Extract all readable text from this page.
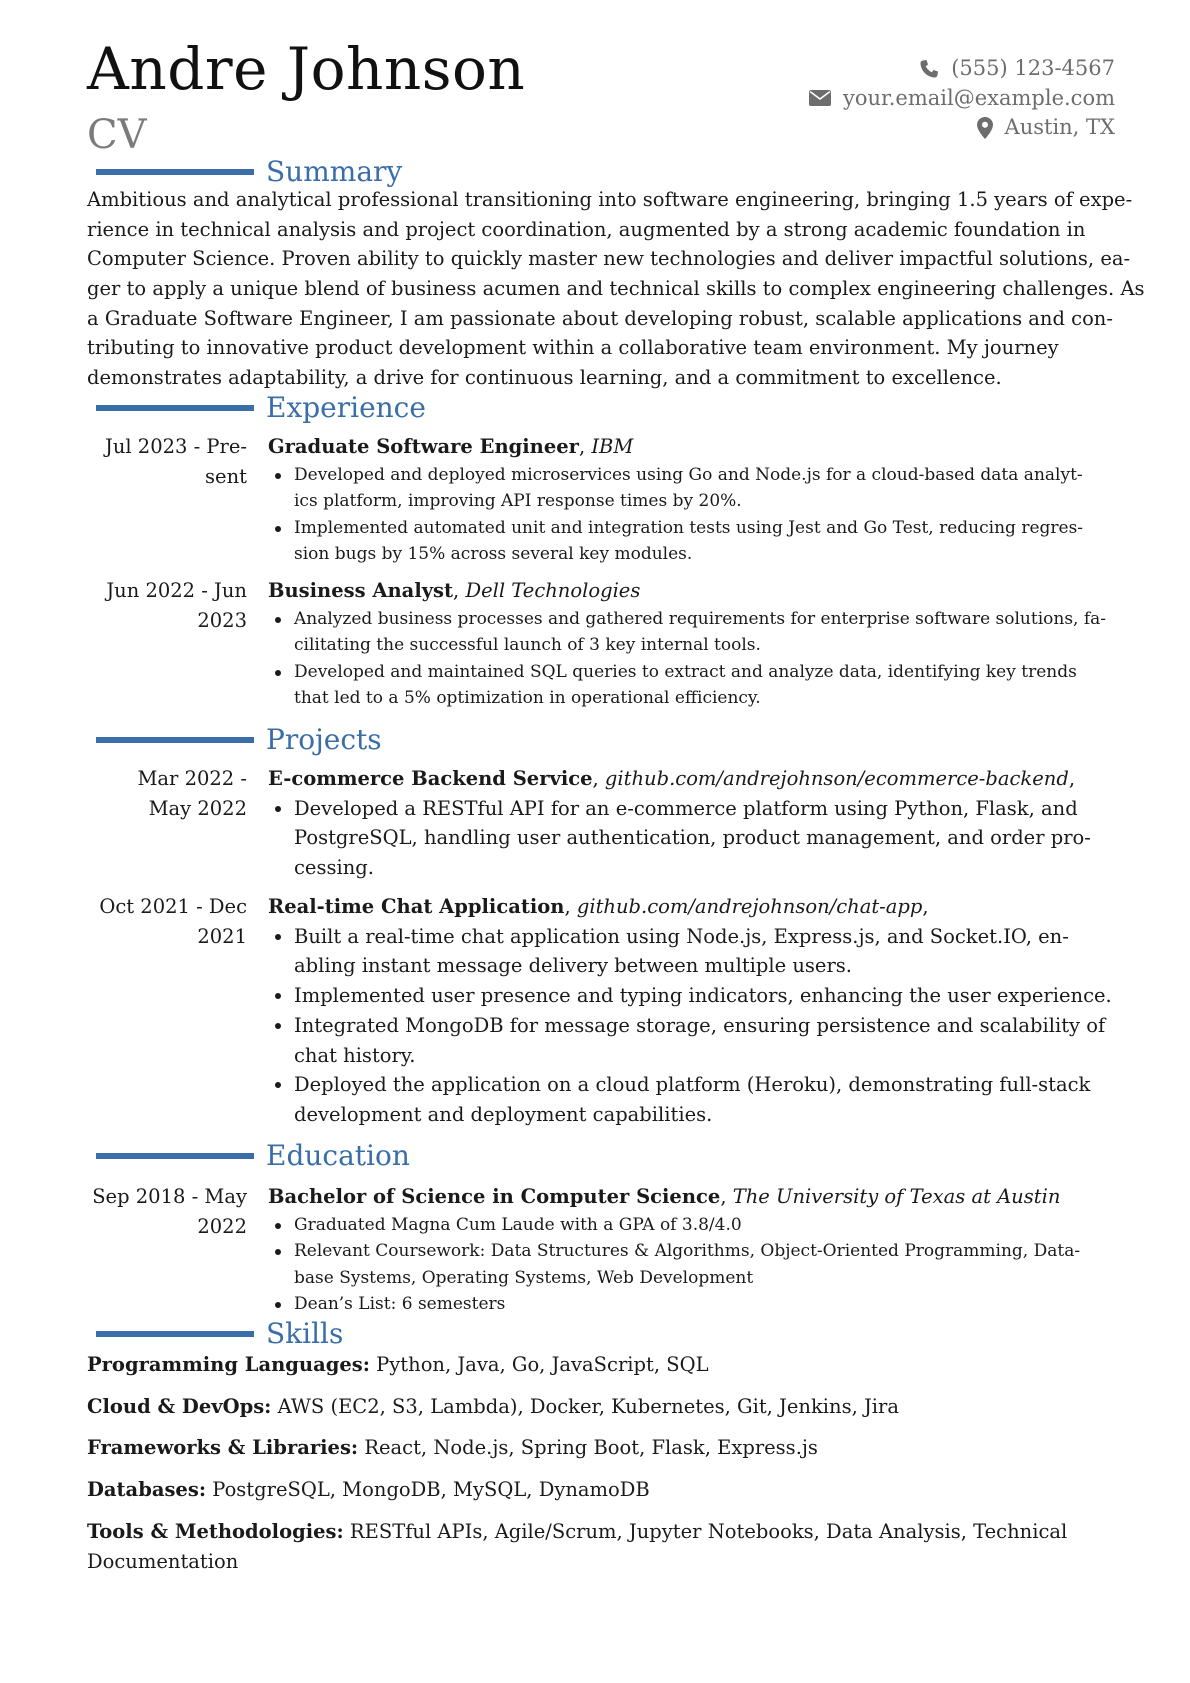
Andre Johnson
CV
(555) 123-4567
your.email@example.com
Austin, TX
Summary
Ambitious and analytical professional transitioning into software engineering, bringing 1.5 years of expe-
rience in technical analysis and project coordination, augmented by a strong academic foundation in
Computer Science. Proven ability to quickly master new technologies and deliver impactful solutions, ea-
ger to apply a unique blend of business acumen and technical skills to complex engineering challenges. As
a Graduate Software Engineer, I am passionate about developing robust, scalable applications and con-
tributing to innovative product development within a collaborative team environment. My journey
demonstrates adaptability, a drive for continuous learning, and a commitment to excellence.
Experience
Jul 2023 - Pre-
sent
Graduate Software Engineer, IBM
Developed and deployed microservices using Go and Node.js for a cloud-based data analyt-
ics platform, improving API response times by 20%.
Implemented automated unit and integration tests using Jest and Go Test, reducing regres-
sion bugs by 15% across several key modules.
Jun 2022 - Jun
2023
Business Analyst, Dell Technologies
Analyzed business processes and gathered requirements for enterprise software solutions, fa-
cilitating the successful launch of 3 key internal tools.
Developed and maintained SQL queries to extract and analyze data, identifying key trends
that led to a 5% optimization in operational efficiency.
Projects
Mar 2022 -
May 2022
E-commerce Backend Service, github.com/andrejohnson/ecommerce-backend,
Developed a RESTful API for an e-commerce platform using Python, Flask, and
PostgreSQL, handling user authentication, product management, and order pro-
cessing.
Oct 2021 - Dec
2021
Real-time Chat Application, github.com/andrejohnson/chat-app,
Built a real-time chat application using Node.js, Express.js, and Socket.IO, en-
abling instant message delivery between multiple users.
Implemented user presence and typing indicators, enhancing the user experience.
Integrated MongoDB for message storage, ensuring persistence and scalability of
chat history.
Deployed the application on a cloud platform (Heroku), demonstrating full-stack
development and deployment capabilities.
Education
Sep 2018 - May
2022
Bachelor of Science in Computer Science, The University of Texas at Austin
Graduated Magna Cum Laude with a GPA of 3.8/4.0
Relevant Coursework: Data Structures & Algorithms, Object-Oriented Programming, Data-
base Systems, Operating Systems, Web Development
Dean’s List: 6 semesters
Skills
Programming Languages: Python, Java, Go, JavaScript, SQL
Cloud & DevOps: AWS (EC2, S3, Lambda), Docker, Kubernetes, Git, Jenkins, Jira
Frameworks & Libraries: React, Node.js, Spring Boot, Flask, Express.js
Databases: PostgreSQL, MongoDB, MySQL, DynamoDB
Tools & Methodologies: RESTful APIs, Agile/Scrum, Jupyter Notebooks, Data Analysis, Technical Documentation
